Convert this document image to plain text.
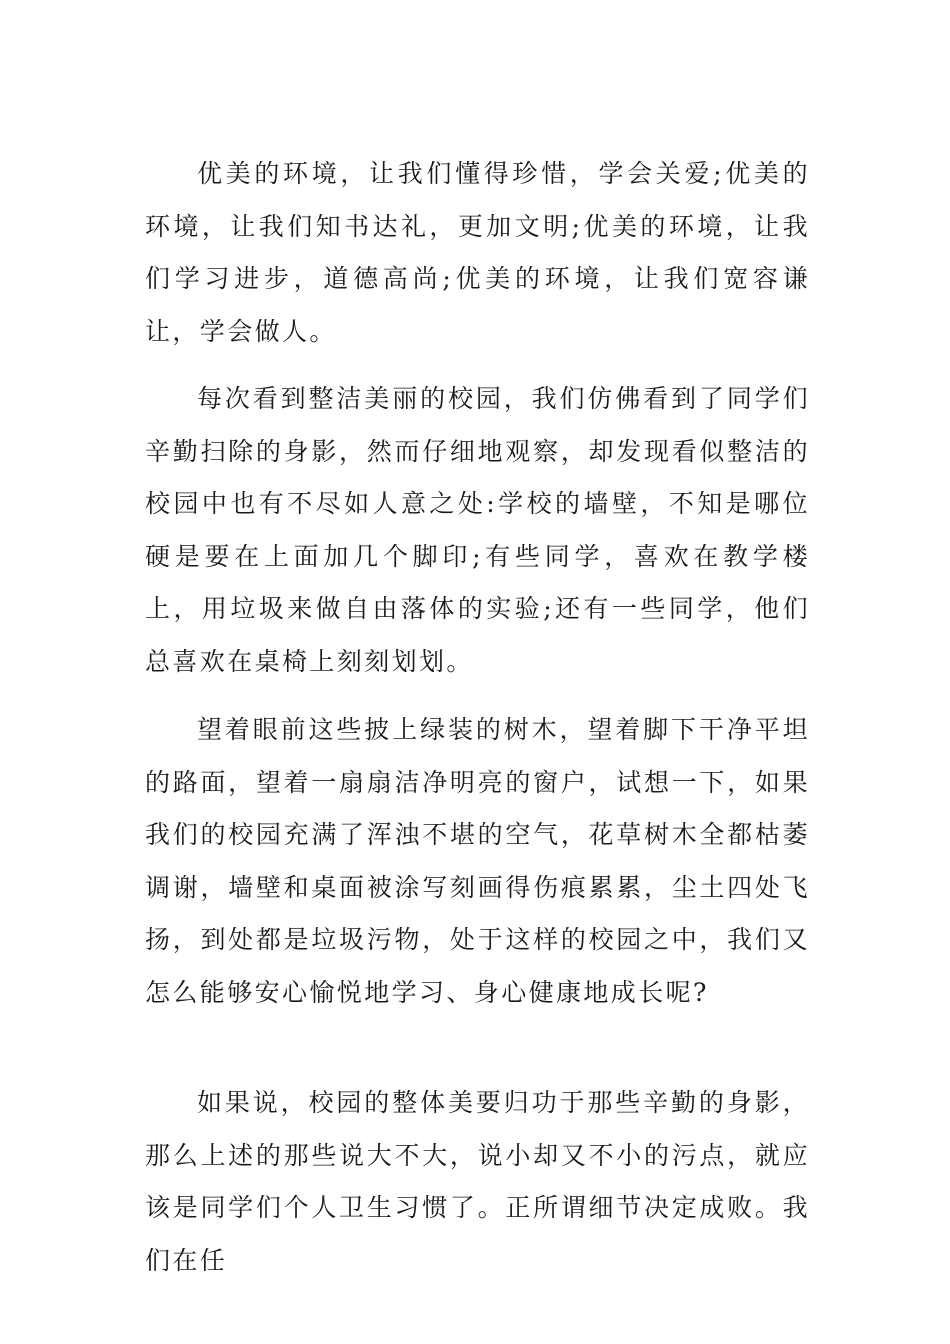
优美的环境，让我们懂得珍惜，学会关爱;优美的环境，让我们知书达礼，更加文明;优美的环境，让我们学习进步，道德高尚;优美的环境，让我们宽容谦让，学会做人。

每次看到整洁美丽的校园，我们仿佛看到了同学们辛勤扫除的身影，然而仔细地观察，却发现看似整洁的校园中也有不尽如人意之处:学校的墙壁，不知是哪位硬是要在上面加几个脚印;有些同学，喜欢在教学楼上，用垃圾来做自由落体的实验;还有一些同学，他们总喜欢在桌椅上刻刻划划。

望着眼前这些披上绿装的树木，望着脚下干净平坦的路面，望着一扇扇洁净明亮的窗户，试想一下，如果我们的校园充满了浑浊不堪的空气，花草树木全都枯萎调谢，墙壁和桌面被涂写刻画得伤痕累累，尘土四处飞扬，到处都是垃圾污物，处于这样的校园之中，我们又怎么能够安心愉悦地学习、身心健康地成长呢?

如果说，校园的整体美要归功于那些辛勤的身影，那么上述的那些说大不大，说小却又不小的污点，就应该是同学们个人卫生习惯了。正所谓细节决定成败。我们在任
